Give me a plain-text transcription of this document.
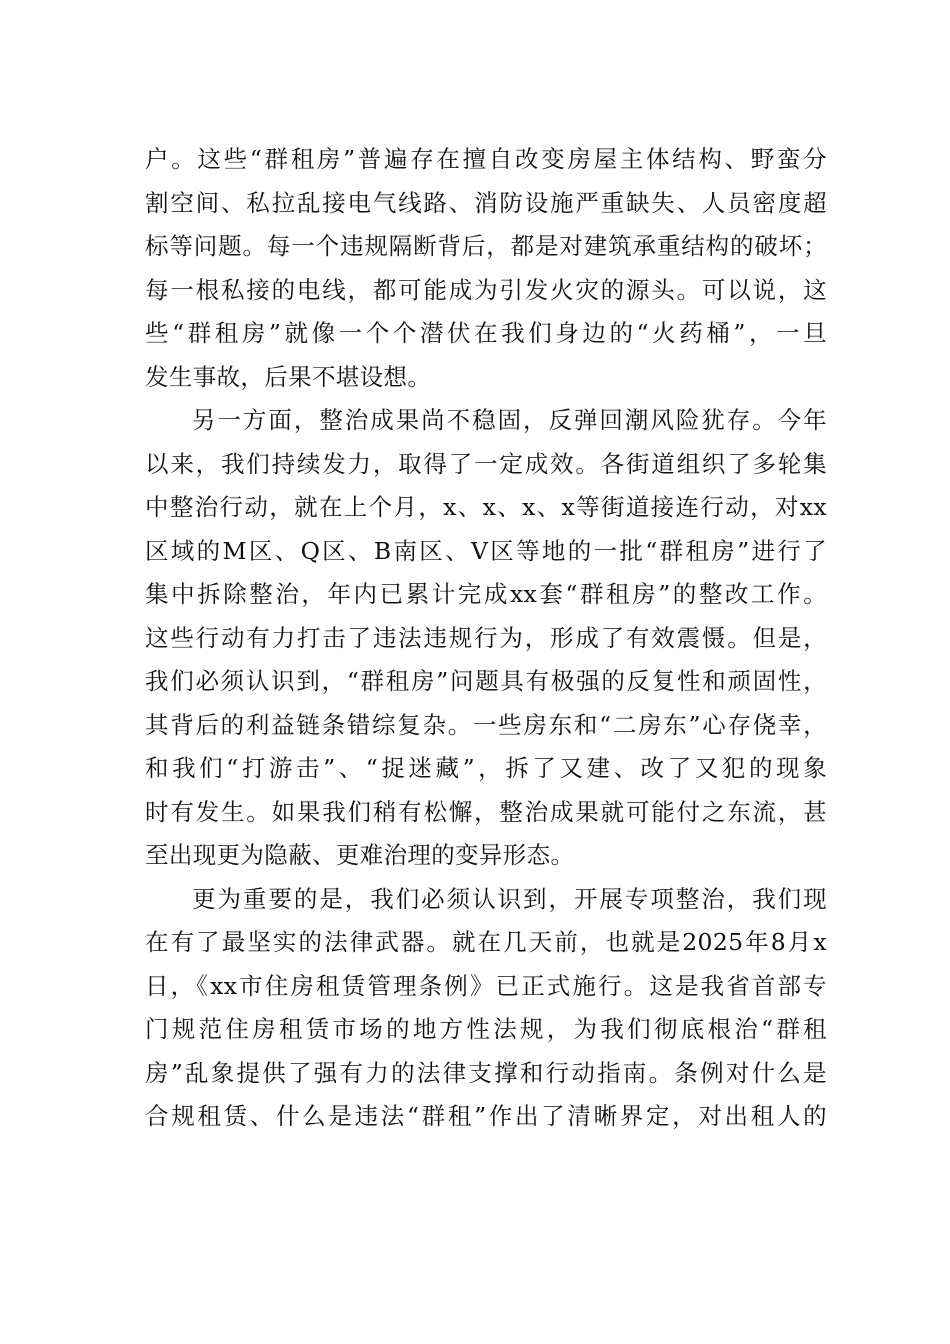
户。这些“群租房”普遍存在擅自改变房屋主体结构、野蛮分
割空间、私拉乱接电气线路、消防设施严重缺失、人员密度超
标等问题。每一个违规隔断背后，都是对建筑承重结构的破坏；
每一根私接的电线，都可能成为引发火灾的源头。可以说，这
些“群租房”就像一个个潜伏在我们身边的“火药桶”，一旦
发生事故，后果不堪设想。
另一方面，整治成果尚不稳固，反弹回潮风险犹存。今年
以来，我们持续发力，取得了一定成效。各街道组织了多轮集
中整治行动，就在上个月，x、x、x、x等街道接连行动，对xx
区域的M区、Q区、B南区、V区等地的一批“群租房”进行了
集中拆除整治，年内已累计完成xx套“群租房”的整改工作。
这些行动有力打击了违法违规行为，形成了有效震慑。但是，
我们必须认识到，“群租房”问题具有极强的反复性和顽固性，
其背后的利益链条错综复杂。一些房东和“二房东”心存侥幸，
和我们“打游击”、“捉迷藏”，拆了又建、改了又犯的现象
时有发生。如果我们稍有松懈，整治成果就可能付之东流，甚
至出现更为隐蔽、更难治理的变异形态。
更为重要的是，我们必须认识到，开展专项整治，我们现
在有了最坚实的法律武器。就在几天前，也就是2025年8月x
日，《xx市住房租赁管理条例》已正式施行。这是我省首部专
门规范住房租赁市场的地方性法规，为我们彻底根治“群租
房”乱象提供了强有力的法律支撑和行动指南。条例对什么是
合规租赁、什么是违法“群租”作出了清晰界定，对出租人的
